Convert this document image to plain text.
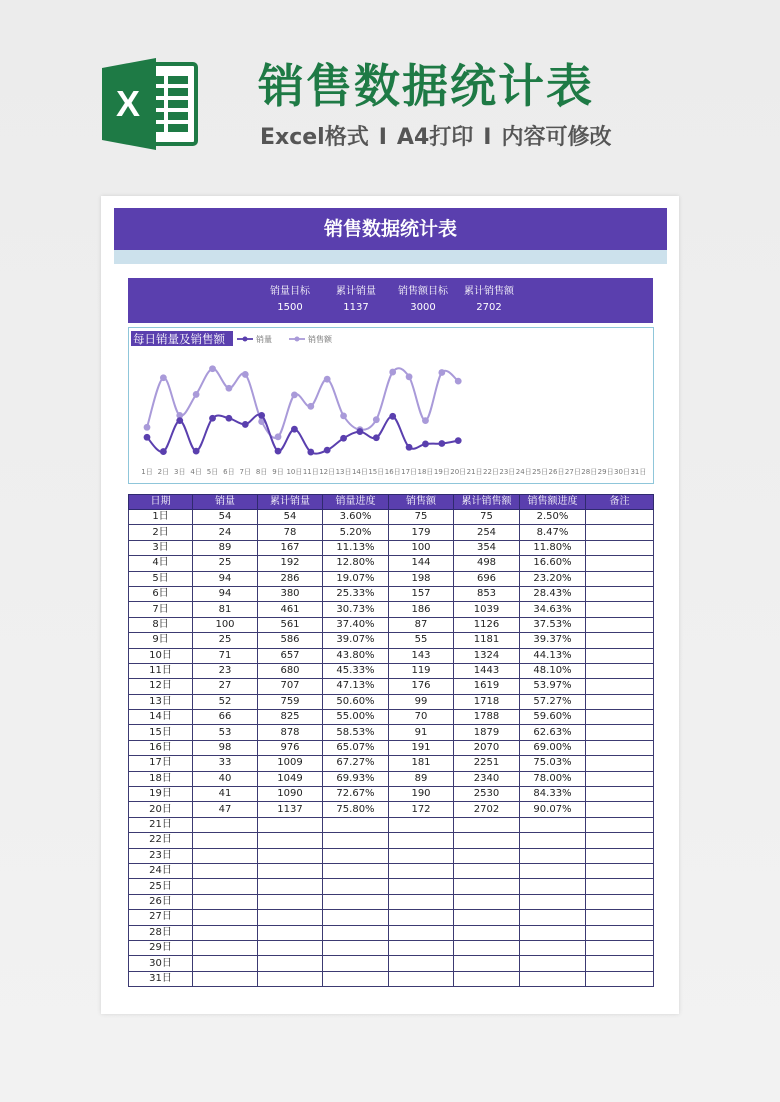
X	销售数据统计表
Excel格式 I A4打印 I 内容可修改
销售数据统计表
销量目标
1500
累计销量
1137
销售额目标
3000
累计销售额
2702
每日销量及销售额	销量	销售额
1日 2日 3日 4日 5日 6日 7日 8日 9日 10日 11日 12日 13日 14日 15日 16日 17日 18日 19日 20日 21日 22日 23日 24日 25日 26日 27日 28日 29日 30日 31日
日期	销量	累计销量	销量进度	销售额	累计销售额	销售额进度	备注
1日	54	54	3.60%	75	75	2.50%	
2日	24	78	5.20%	179	254	8.47%	
3日	89	167	11.13%	100	354	11.80%	
4日	25	192	12.80%	144	498	16.60%	
5日	94	286	19.07%	198	696	23.20%	
6日	94	380	25.33%	157	853	28.43%	
7日	81	461	30.73%	186	1039	34.63%	
8日	100	561	37.40%	87	1126	37.53%	
9日	25	586	39.07%	55	1181	39.37%	
10日	71	657	43.80%	143	1324	44.13%	
11日	23	680	45.33%	119	1443	48.10%	
12日	27	707	47.13%	176	1619	53.97%	
13日	52	759	50.60%	99	1718	57.27%	
14日	66	825	55.00%	70	1788	59.60%	
15日	53	878	58.53%	91	1879	62.63%	
16日	98	976	65.07%	191	2070	69.00%	
17日	33	1009	67.27%	181	2251	75.03%	
18日	40	1049	69.93%	89	2340	78.00%	
19日	41	1090	72.67%	190	2530	84.33%	
20日	47	1137	75.80%	172	2702	90.07%	
21日							
22日							
23日							
24日							
25日							
26日							
27日							
28日							
29日							
30日							
31日							
